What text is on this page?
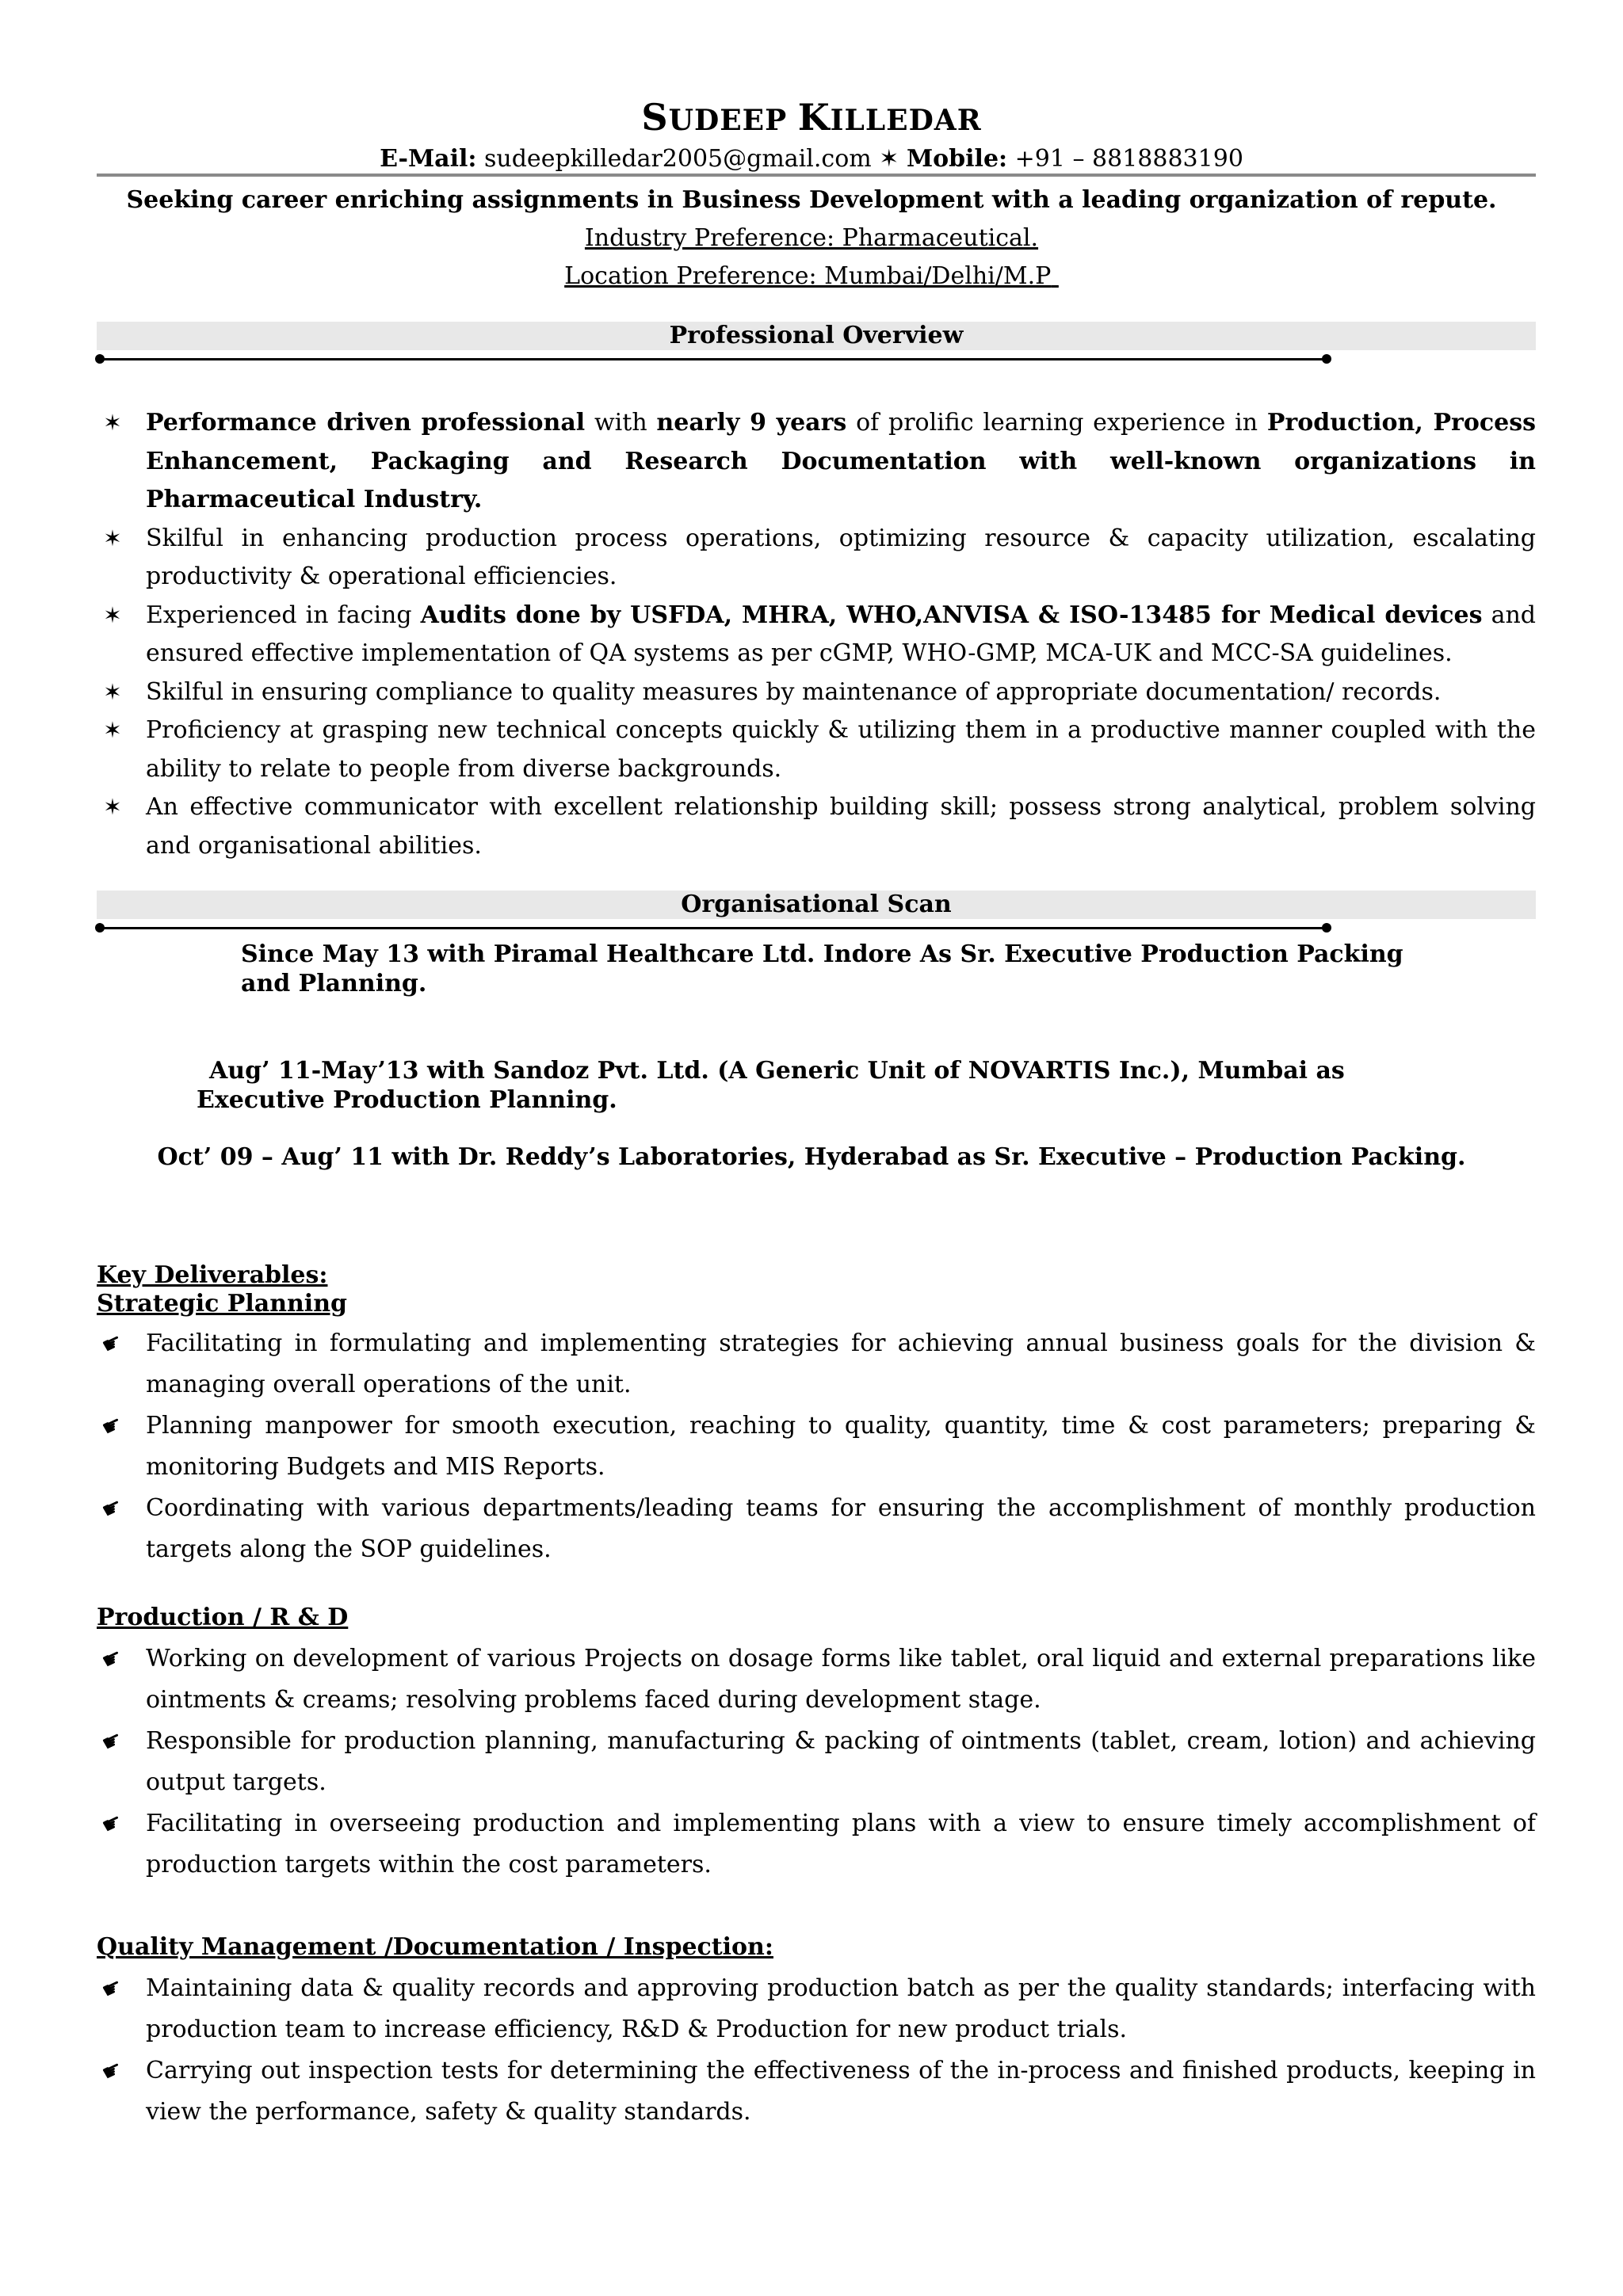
SUDEEP KILLEDAR
E-Mail: sudeepkilledar2005@gmail.com ✶ Mobile: +91 – 8818883190
Seeking career enriching assignments in Business Development with a leading organization of repute.
Industry Preference: Pharmaceutical.
Location Preference: Mumbai/Delhi/M.P
Professional Overview
✶ Performance driven professional with nearly 9 years of prolific learning experience in Production, Process Enhancement, Packaging and Research Documentation with well-known organizations in Pharmaceutical Industry.
✶ Skilful in enhancing production process operations, optimizing resource & capacity utilization, escalating productivity & operational efficiencies.
✶ Experienced in facing Audits done by USFDA, MHRA, WHO,ANVISA & ISO-13485 for Medical devices and ensured effective implementation of QA systems as per cGMP, WHO-GMP, MCA-UK and MCC-SA guidelines.
✶ Skilful in ensuring compliance to quality measures by maintenance of appropriate documentation/ records.
✶ Proficiency at grasping new technical concepts quickly & utilizing them in a productive manner coupled with the ability to relate to people from diverse backgrounds.
✶ An effective communicator with excellent relationship building skill; possess strong analytical, problem solving and organisational abilities.
Organisational Scan
Since May 13 with Piramal Healthcare Ltd. Indore As Sr. Executive Production Packing and Planning.
Aug’ 11-May’13 with Sandoz Pvt. Ltd. (A Generic Unit of NOVARTIS Inc.), Mumbai as Executive Production Planning.
Oct’ 09 – Aug’ 11 with Dr. Reddy’s Laboratories, Hyderabad as Sr. Executive – Production Packing.
Key Deliverables:
Strategic Planning
☛ Facilitating in formulating and implementing strategies for achieving annual business goals for the division & managing overall operations of the unit.
☛ Planning manpower for smooth execution, reaching to quality, quantity, time & cost parameters; preparing & monitoring Budgets and MIS Reports.
☛ Coordinating with various departments/leading teams for ensuring the accomplishment of monthly production targets along the SOP guidelines.
Production / R & D
☛ Working on development of various Projects on dosage forms like tablet, oral liquid and external preparations like ointments & creams; resolving problems faced during development stage.
☛ Responsible for production planning, manufacturing & packing of ointments (tablet, cream, lotion) and achieving output targets.
☛ Facilitating in overseeing production and implementing plans with a view to ensure timely accomplishment of production targets within the cost parameters.
Quality Management /Documentation / Inspection:
☛ Maintaining data & quality records and approving production batch as per the quality standards; interfacing with production team to increase efficiency, R&D & Production for new product trials.
☛ Carrying out inspection tests for determining the effectiveness of the in-process and finished products, keeping in view the performance, safety & quality standards.
